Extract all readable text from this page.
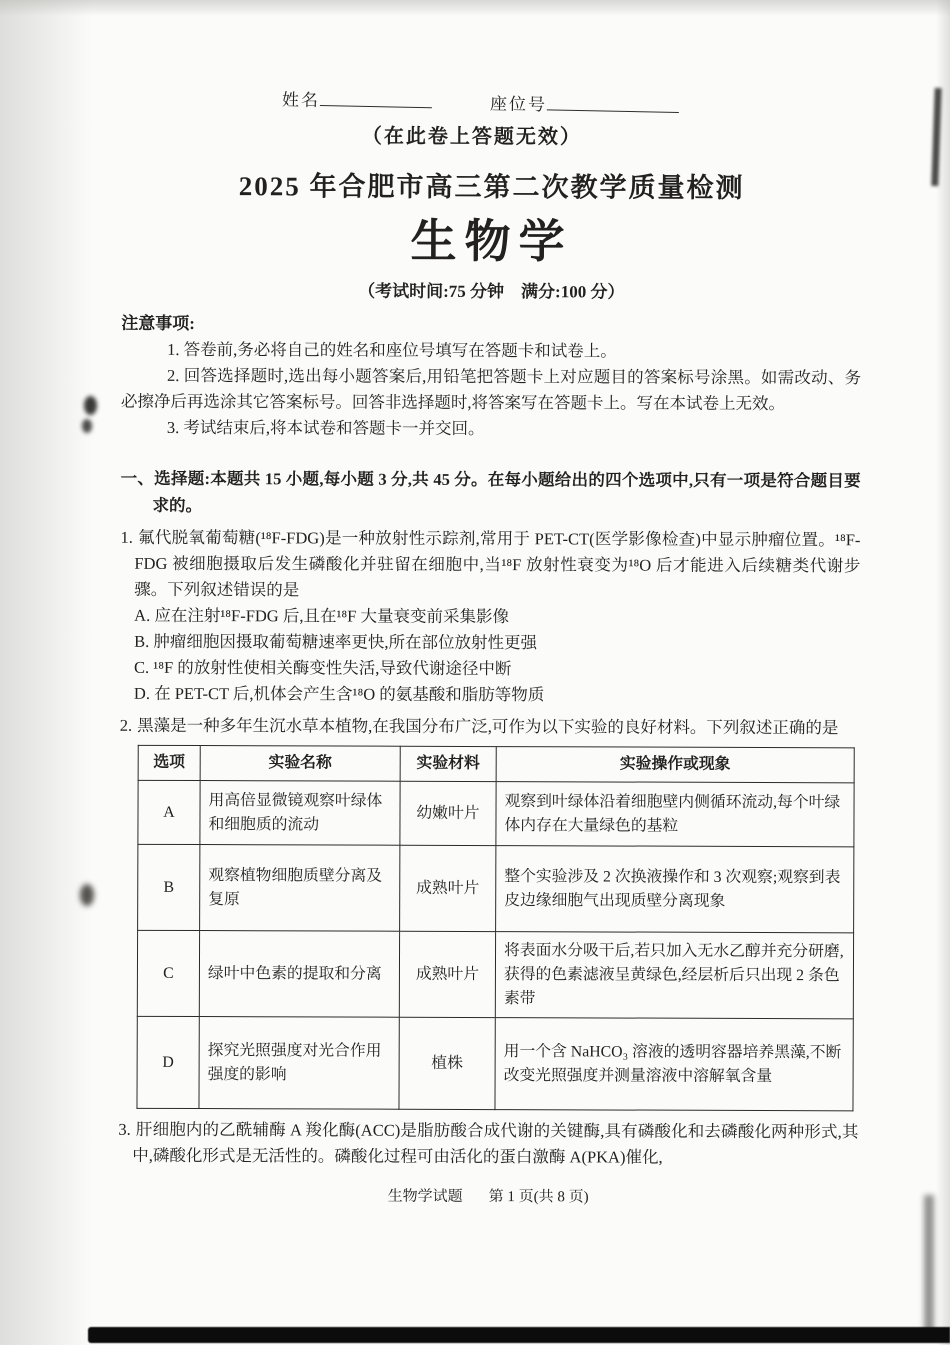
姓名	座位号
（在此卷上答题无效）
2025 年合肥市高三第二次教学质量检测
生物学
（考试时间:75 分钟　满分:100 分）
注意事项:

1. 答卷前,务必将自己的姓名和座位号填写在答题卡和试卷上。

2. 回答选择题时,选出每小题答案后,用铅笔把答题卡上对应题目的答案标号涂黑。如需改动、务必擦净后再选涂其它答案标号。回答非选择题时,将答案写在答题卡上。写在本试卷上无效。

3. 考试结束后,将本试卷和答题卡一并交回。

一、选择题:本题共 15 小题,每小题 3 分,共 45 分。在每小题给出的四个选项中,只有一项是符合题目要求的。

1. 氟代脱氧葡萄糖(¹⁸F-FDG)是一种放射性示踪剂,常用于 PET-CT(医学影像检查)中显示肿瘤位置。¹⁸F-FDG 被细胞摄取后发生磷酸化并驻留在细胞中,当¹⁸F 放射性衰变为¹⁸O 后才能进入后续糖类代谢步骤。下列叙述错误的是

A. 应在注射¹⁸F-FDG 后,且在¹⁸F 大量衰变前采集影像

B. 肿瘤细胞因摄取葡萄糖速率更快,所在部位放射性更强

C. ¹⁸F 的放射性使相关酶变性失活,导致代谢途径中断

D. 在 PET-CT 后,机体会产生含¹⁸O 的氨基酸和脂肪等物质

2. 黑藻是一种多年生沉水草本植物,在我国分布广泛,可作为以下实验的良好材料。下列叙述正确的是

选项	实验名称	实验材料	实验操作或现象
A	用高倍显微镜观察叶绿体和细胞质的流动	幼嫩叶片	观察到叶绿体沿着细胞壁内侧循环流动,每个叶绿体内存在大量绿色的基粒
B	观察植物细胞质壁分离及复原	成熟叶片	整个实验涉及 2 次换液操作和 3 次观察;观察到表皮边缘细胞气出现质壁分离现象
C	绿叶中色素的提取和分离	成熟叶片	将表面水分吸干后,若只加入无水乙醇并充分研磨,获得的色素滤液呈黄绿色,经层析后只出现 2 条色素带
D	探究光照强度对光合作用强度的影响	植株	用一个含 NaHCO₃ 溶液的透明容器培养黑藻,不断改变光照强度并测量溶液中溶解氧含量

3. 肝细胞内的乙酰辅酶 A 羧化酶(ACC)是脂肪酸合成代谢的关键酶,具有磷酸化和去磷酸化两种形式,其中,磷酸化形式是无活性的。磷酸化过程可由活化的蛋白激酶 A(PKA)催化,

生物学试题 第 1 页(共 8 页)
